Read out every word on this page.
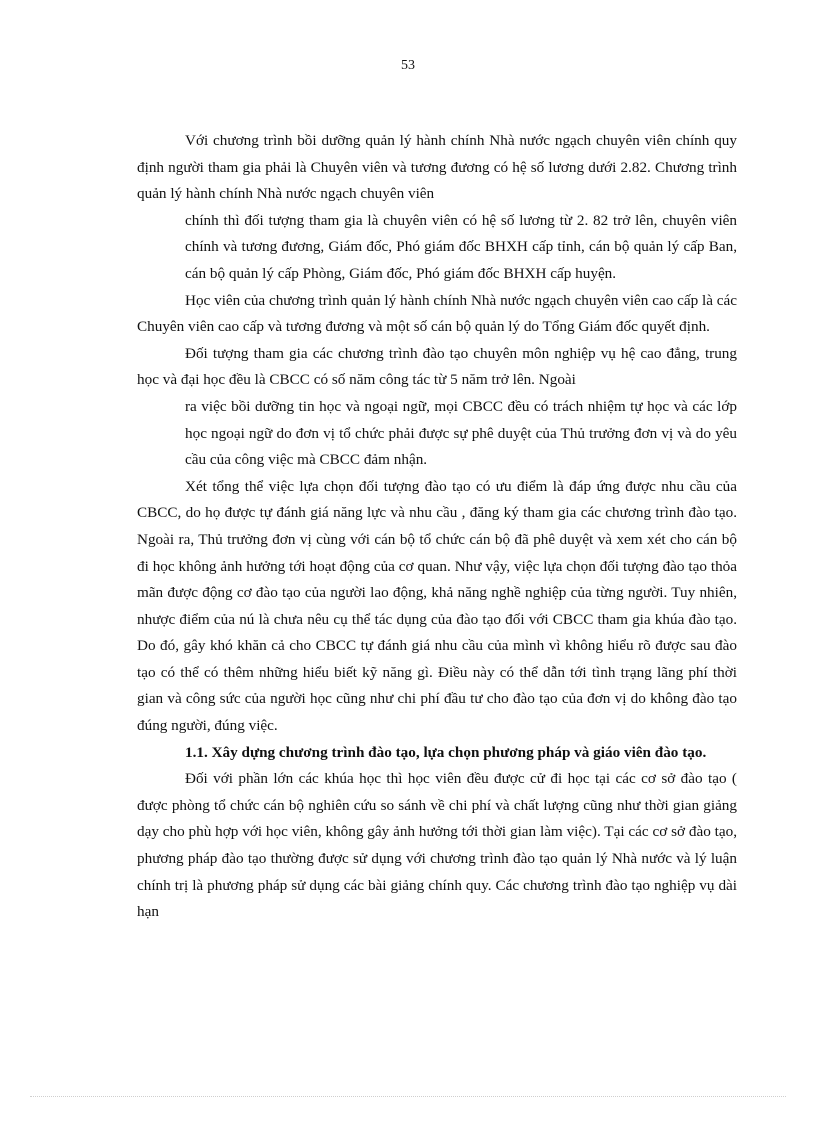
53

Với chương trình bồi dưỡng quản lý hành chính Nhà nước ngạch chuyên viên chính quy định người tham gia phải là Chuyên viên và tương đương có hệ số lương dưới 2.82. Chương trình quản lý hành chính Nhà nước ngạch chuyên viên

chính thì đối tượng tham gia là chuyên viên có hệ số lương từ 2. 82 trở lên, chuyên viên chính và tương đương, Giám đốc, Phó giám đốc BHXH cấp tỉnh, cán bộ quản lý cấp Ban, cán bộ quản lý cấp Phòng, Giám đốc, Phó giám đốc BHXH cấp huyện.

Học viên của chương trình quản lý hành chính Nhà nước ngạch chuyên viên cao cấp là các Chuyên viên cao cấp và tương đương và một số cán bộ quản lý do Tổng Giám đốc quyết định.

Đối tượng tham gia các chương trình đào tạo chuyên môn nghiệp vụ hệ cao đẳng, trung học và đại học đều là CBCC có số năm công tác từ 5 năm trở lên. Ngoài

ra việc bồi dưỡng tin học và ngoại ngữ, mọi CBCC đều có trách nhiệm tự học và các lớp học ngoại ngữ do đơn vị tổ chức phải được sự phê duyệt của Thủ trưởng đơn vị và do yêu cầu của công việc mà CBCC đảm nhận.

Xét tổng thể việc lựa chọn đối tượng đào tạo có ưu điểm là đáp ứng được nhu cầu của CBCC, do họ được tự đánh giá năng lực và nhu cầu , đăng ký tham gia các chương trình đào tạo. Ngoài ra, Thủ trưởng đơn vị cùng với cán bộ tổ chức cán bộ đã phê duyệt và xem xét cho cán bộ đi học không ảnh hưởng tới hoạt động của cơ quan. Như vậy, việc lựa chọn đối tượng đào tạo thỏa mãn được động cơ đào tạo của người lao động, khả năng nghề nghiệp của từng người. Tuy nhiên, nhược điểm của nú là chưa nêu cụ thể tác dụng của đào tạo đối với CBCC tham gia khúa đào tạo. Do đó, gây khó khăn cả cho CBCC tự đánh giá nhu cầu của mình vì không hiểu rõ được sau đào tạo có thể có thêm những hiểu biết kỹ năng gì. Điều này có thể dẫn tới tình trạng lãng phí thời gian và công sức của người học cũng như chi phí đầu tư cho đào tạo của đơn vị do không đào tạo đúng người, đúng việc.

1.1. Xây dựng chương trình đào tạo, lựa chọn phương pháp và giáo viên đào tạo.

Đối với phần lớn các khúa học thì học viên đều được cử đi học tại các cơ sở đào tạo ( được phòng tổ chức cán bộ nghiên cứu so sánh về chi phí và chất lượng cũng như thời gian giảng dạy cho phù hợp với học viên, không gây ảnh hưởng tới thời gian làm việc). Tại các cơ sở đào tạo, phương pháp đào tạo thường được sử dụng với chương trình đào tạo quản lý Nhà nước và lý luận chính trị là phương pháp sử dụng các bài giảng chính quy. Các chương trình đào tạo nghiệp vụ dài hạn
